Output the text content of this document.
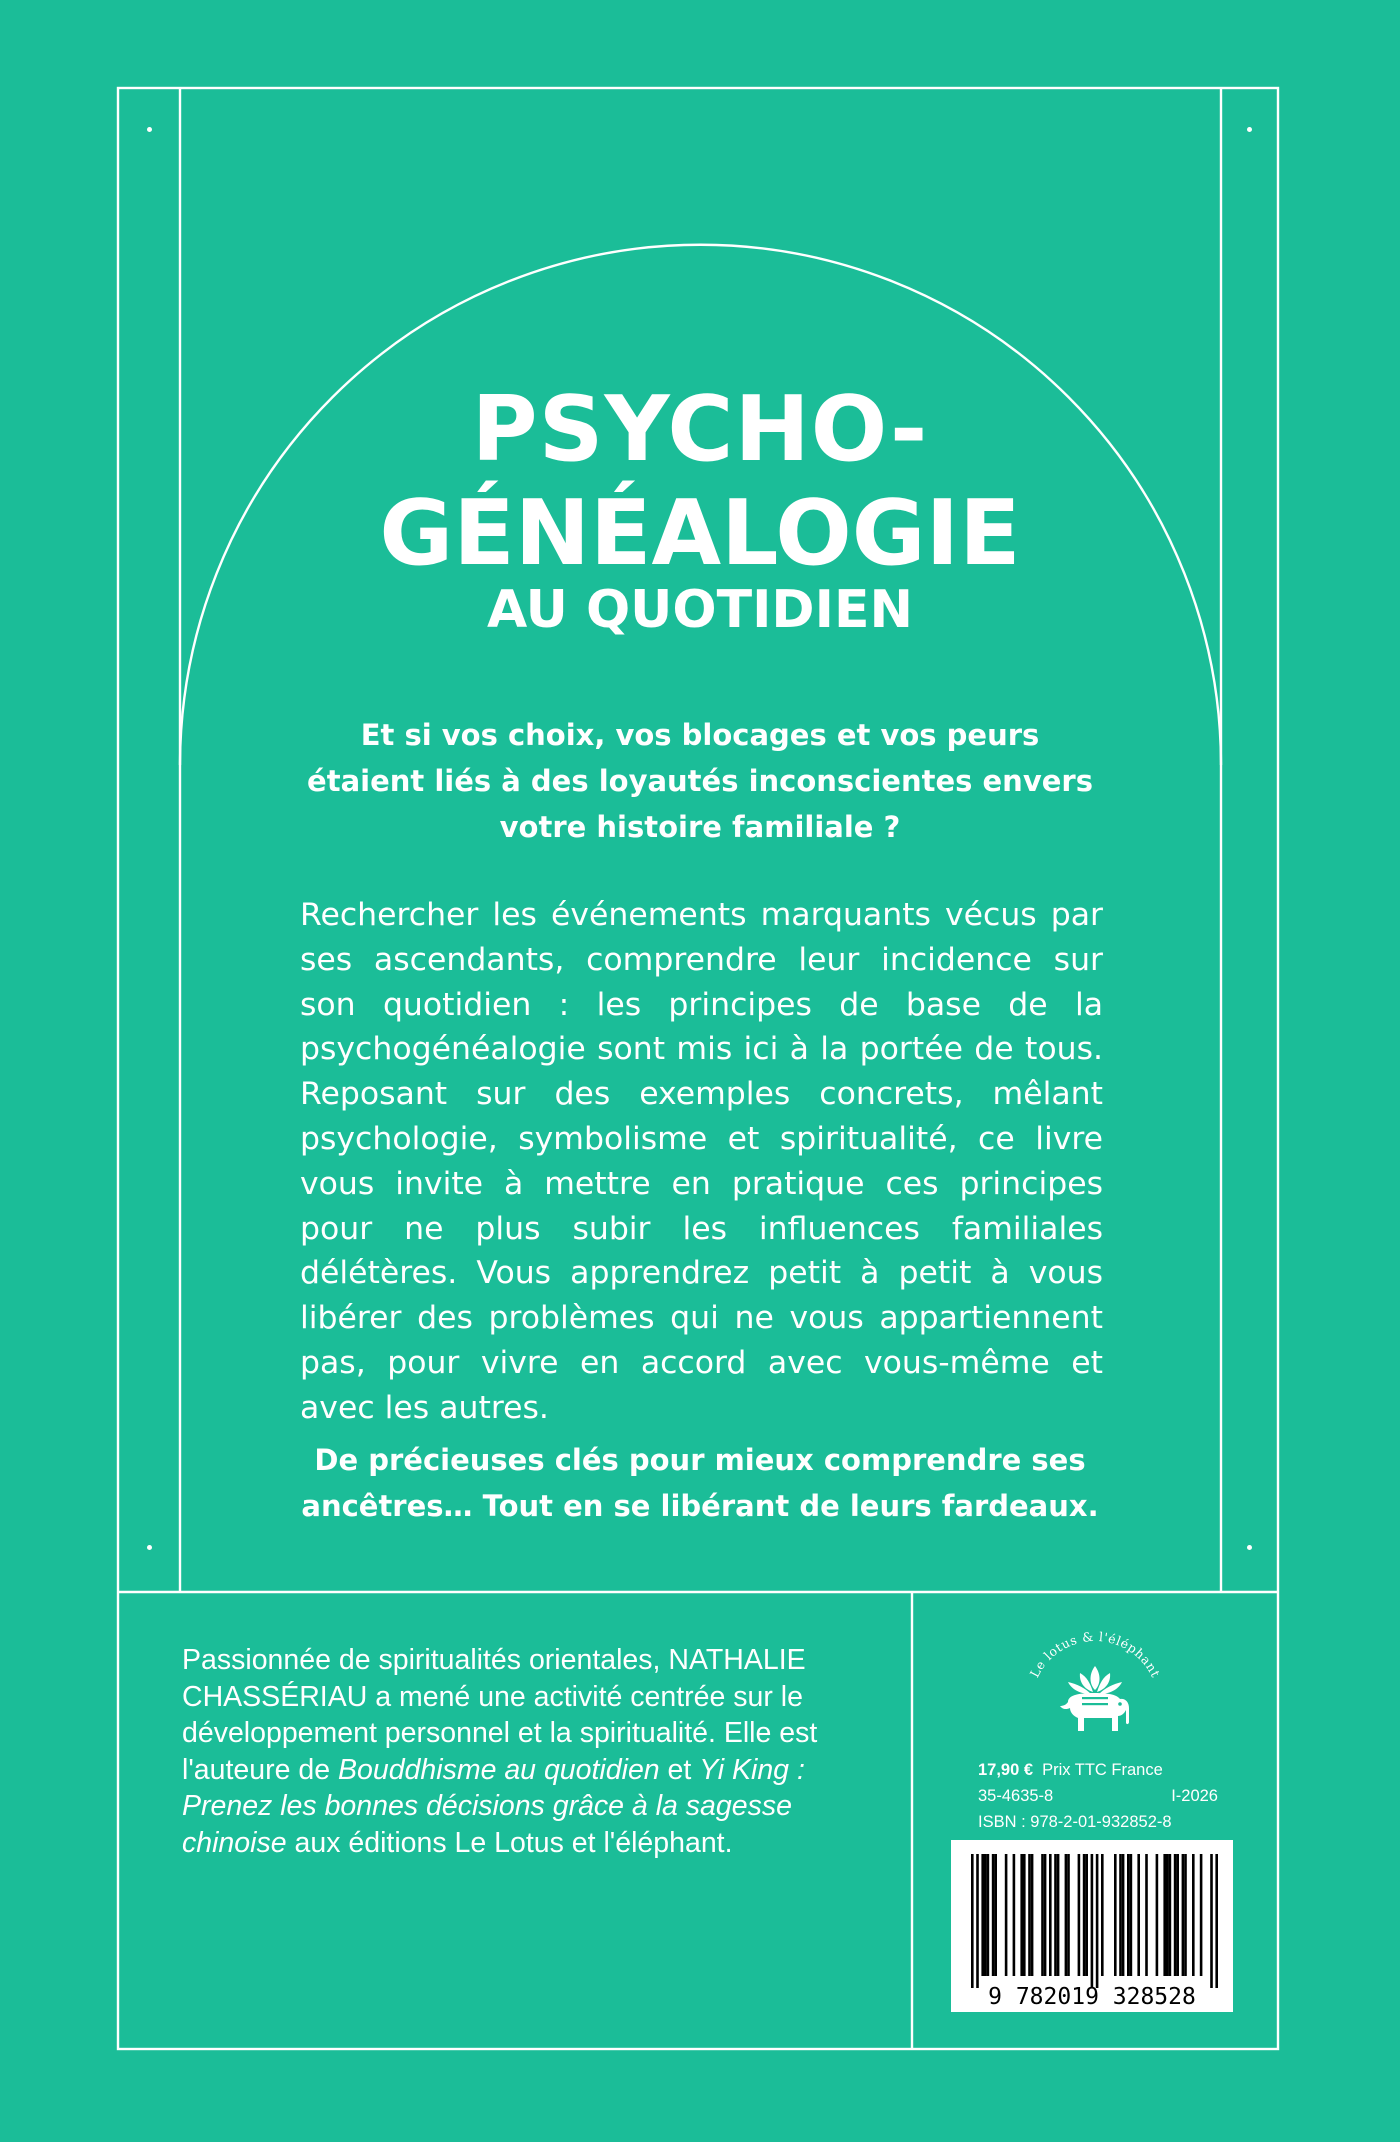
PSYCHO-
GÉNÉALOGIE
AU QUOTIDIEN

Et si vos choix, vos blocages et vos peurs étaient liés à des loyautés inconscientes envers votre histoire familiale ?

Rechercher les événements marquants vécus par ses ascendants, comprendre leur incidence sur son quotidien : les principes de base de la psychogénéalogie sont mis ici à la portée de tous. Reposant sur des exemples concrets, mêlant psychologie, symbolisme et spiritualité, ce livre vous invite à mettre en pratique ces principes pour ne plus subir les influences familiales délétères. Vous apprendrez petit à petit à vous libérer des problèmes qui ne vous appartiennent pas, pour vivre en accord avec vous-même et avec les autres.

De précieuses clés pour mieux comprendre ses ancêtres… Tout en se libérant de leurs fardeaux.

Passionnée de spiritualités orientales, NATHALIE CHASSÉRIAU a mené une activité centrée sur le développement personnel et la spiritualité. Elle est l'auteure de Bouddhisme au quotidien et Yi King : Prenez les bonnes décisions grâce à la sagesse chinoise aux éditions Le Lotus et l'éléphant.

Le lotus & l'éléphant
17,90 € Prix TTC France
35-4635-8	I-2026
ISBN : 978-2-01-932852-8
9 782019 328528
